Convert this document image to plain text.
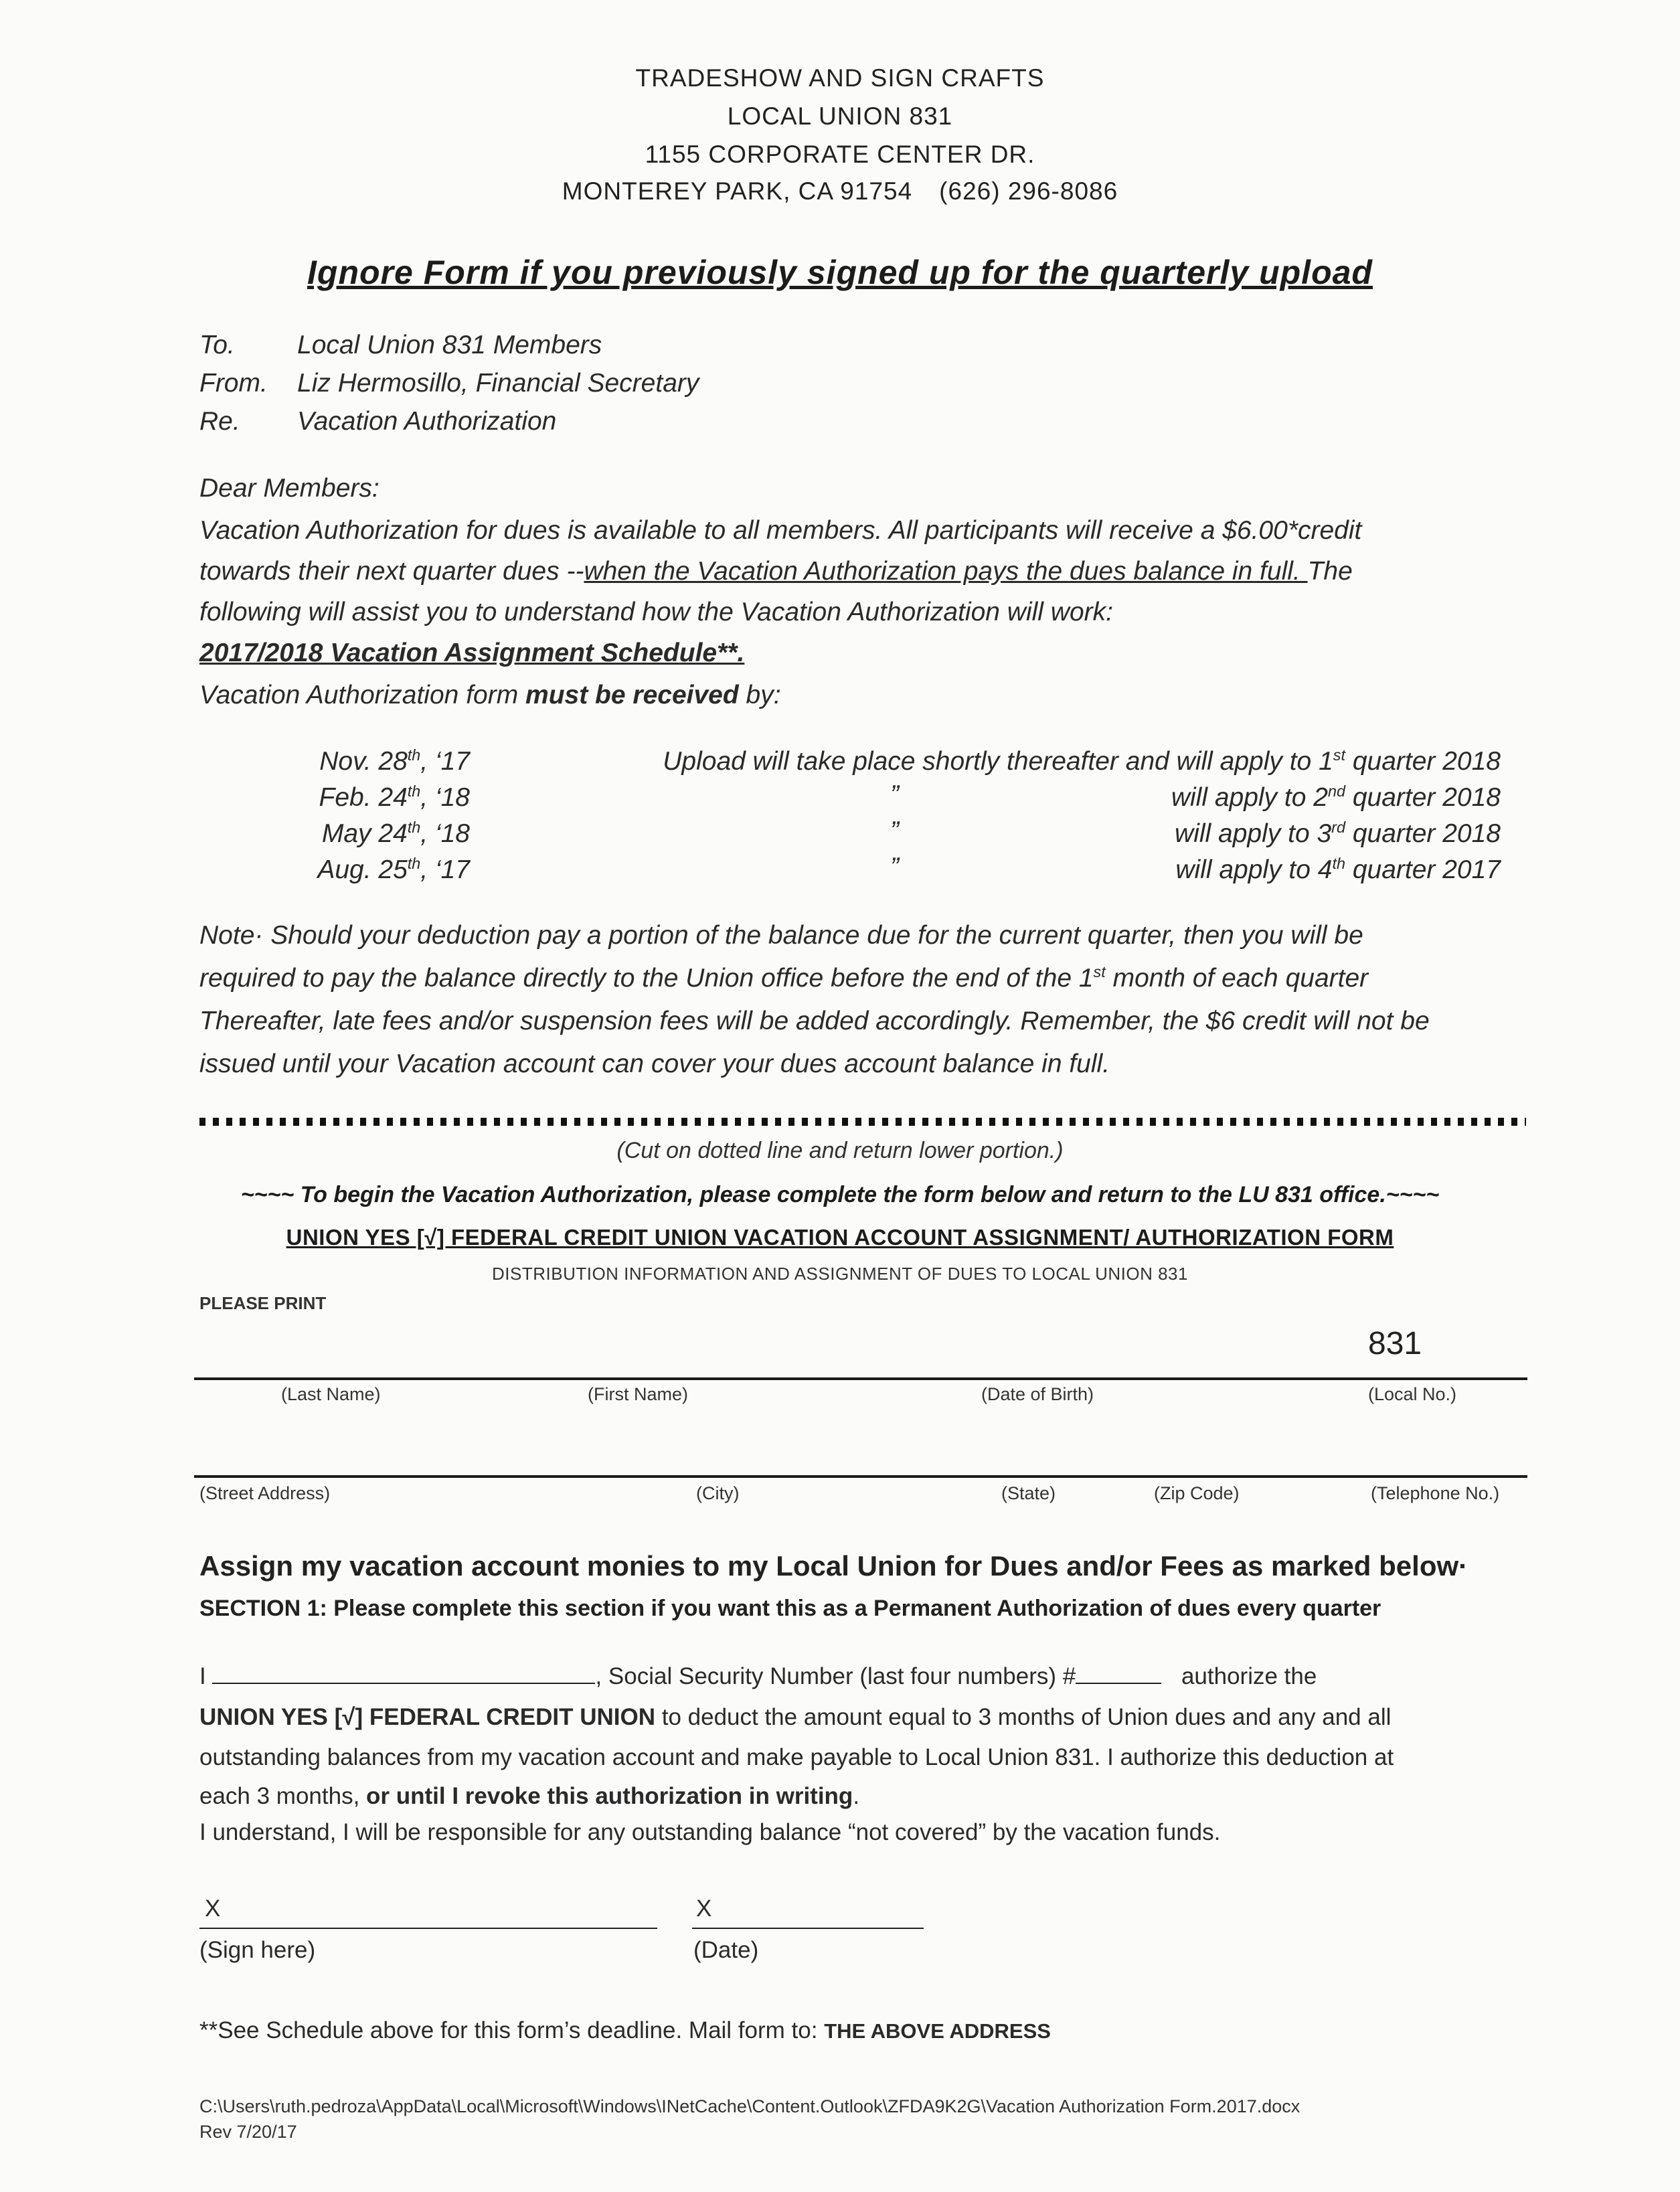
TRADESHOW AND SIGN CRAFTS
LOCAL UNION 831
1155 CORPORATE CENTER DR.
MONTEREY PARK, CA 91754 (626) 296-8086
Ignore Form if you previously signed up for the quarterly upload
To. Local Union 831 Members
From. Liz Hermosillo, Financial Secretary
Re. Vacation Authorization
Dear Members:
Vacation Authorization for dues is available to all members. All participants will receive a $6.00*credit
towards their next quarter dues --when the Vacation Authorization pays the dues balance in full. The
following will assist you to understand how the Vacation Authorization will work:
2017/2018 Vacation Assignment Schedule**.
Vacation Authorization form must be received by:
Nov. 28th, ‘17	Upload will take place shortly thereafter and will apply to 1st quarter 2018
Feb. 24th, ‘18	”	will apply to 2nd quarter 2018
May 24th, ‘18	”	will apply to 3rd quarter 2018
Aug. 25th, ‘17	”	will apply to 4th quarter 2017
Note· Should your deduction pay a portion of the balance due for the current quarter, then you will be
required to pay the balance directly to the Union office before the end of the 1st month of each quarter
Thereafter, late fees and/or suspension fees will be added accordingly. Remember, the $6 credit will not be
issued until your Vacation account can cover your dues account balance in full.
(Cut on dotted line and return lower portion.)
~~~~ To begin the Vacation Authorization, please complete the form below and return to the LU 831 office.~~~~
UNION YES [√] FEDERAL CREDIT UNION VACATION ACCOUNT ASSIGNMENT/ AUTHORIZATION FORM
DISTRIBUTION INFORMATION AND ASSIGNMENT OF DUES TO LOCAL UNION 831
PLEASE PRINT
831
(Last Name)	(First Name)	(Date of Birth)	(Local No.)
(Street Address)	(City)	(State)	(Zip Code)	(Telephone No.)
Assign my vacation account monies to my Local Union for Dues and/or Fees as marked below·
SECTION 1: Please complete this section if you want this as a Permanent Authorization of dues every quarter
I	, Social Security Number (last four numbers) #	authorize the
UNION YES [√] FEDERAL CREDIT UNION to deduct the amount equal to 3 months of Union dues and any and all
outstanding balances from my vacation account and make payable to Local Union 831. I authorize this deduction at
each 3 months, or until I revoke this authorization in writing.
I understand, I will be responsible for any outstanding balance “not covered” by the vacation funds.
X
(Sign here)
X
(Date)
**See Schedule above for this form’s deadline. Mail form to: THE ABOVE ADDRESS
C:\Users\ruth.pedroza\AppData\Local\Microsoft\Windows\INetCache\Content.Outlook\ZFDA9K2G\Vacation Authorization Form.2017.docx
Rev 7/20/17
